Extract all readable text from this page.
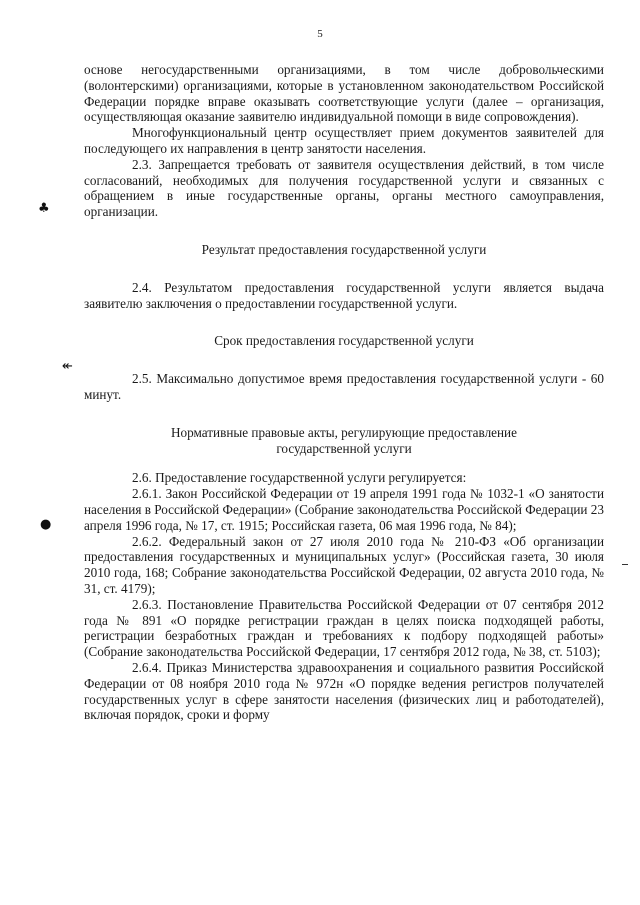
5
♣
↞
●

основе негосударственными организациями, в том числе добровольческими (волонтерскими) организациями, которые в установленном законодательством Российской Федерации порядке вправе оказывать соответствующие услуги (далее – организация, осуществляющая оказание заявителю индивидуальной помощи в виде сопровождения).

Многофункциональный центр осуществляет прием документов заявителей для последующего их направления в центр занятости населения.

2.3. Запрещается требовать от заявителя осуществления действий, в том числе согласований, необходимых для получения государственной услуги и связанных с обращением в иные государственные органы, органы местного самоуправления, организации.

Результат предоставления государственной услуги

2.4. Результатом предоставления государственной услуги является выдача заявителю заключения о предоставлении государственной услуги.

Срок предоставления государственной услуги

2.5. Максимально допустимое время предоставления государственной услуги - 60 минут.

Нормативные правовые акты, регулирующие предоставление государственной услуги

2.6. Предоставление государственной услуги регулируется:

2.6.1. Закон Российской Федерации от 19 апреля 1991 года № 1032-1 «О занятости населения в Российской Федерации» (Собрание законодательства Российской Федерации 23 апреля 1996 года, № 17, ст. 1915; Российская газета, 06 мая 1996 года, № 84);

2.6.2. Федеральный закон от 27 июля 2010 года № 210-ФЗ «Об организации предоставления государственных и муниципальных услуг» (Российская газета, 30 июля 2010 года, 168; Собрание законодательства Российской Федерации, 02 августа 2010 года, № 31, ст. 4179);

2.6.3. Постановление Правительства Российской Федерации от 07 сентября 2012 года № 891 «О порядке регистрации граждан в целях поиска подходящей работы, регистрации безработных граждан и требованиях к подбору подходящей работы» (Собрание законодательства Российской Федерации, 17 сентября 2012 года, № 38, ст. 5103);

2.6.4. Приказ Министерства здравоохранения и социального развития Российской Федерации от 08 ноября 2010 года № 972н «О порядке ведения регистров получателей государственных услуг в сфере занятости населения (физических лиц и работодателей), включая порядок, сроки и форму
